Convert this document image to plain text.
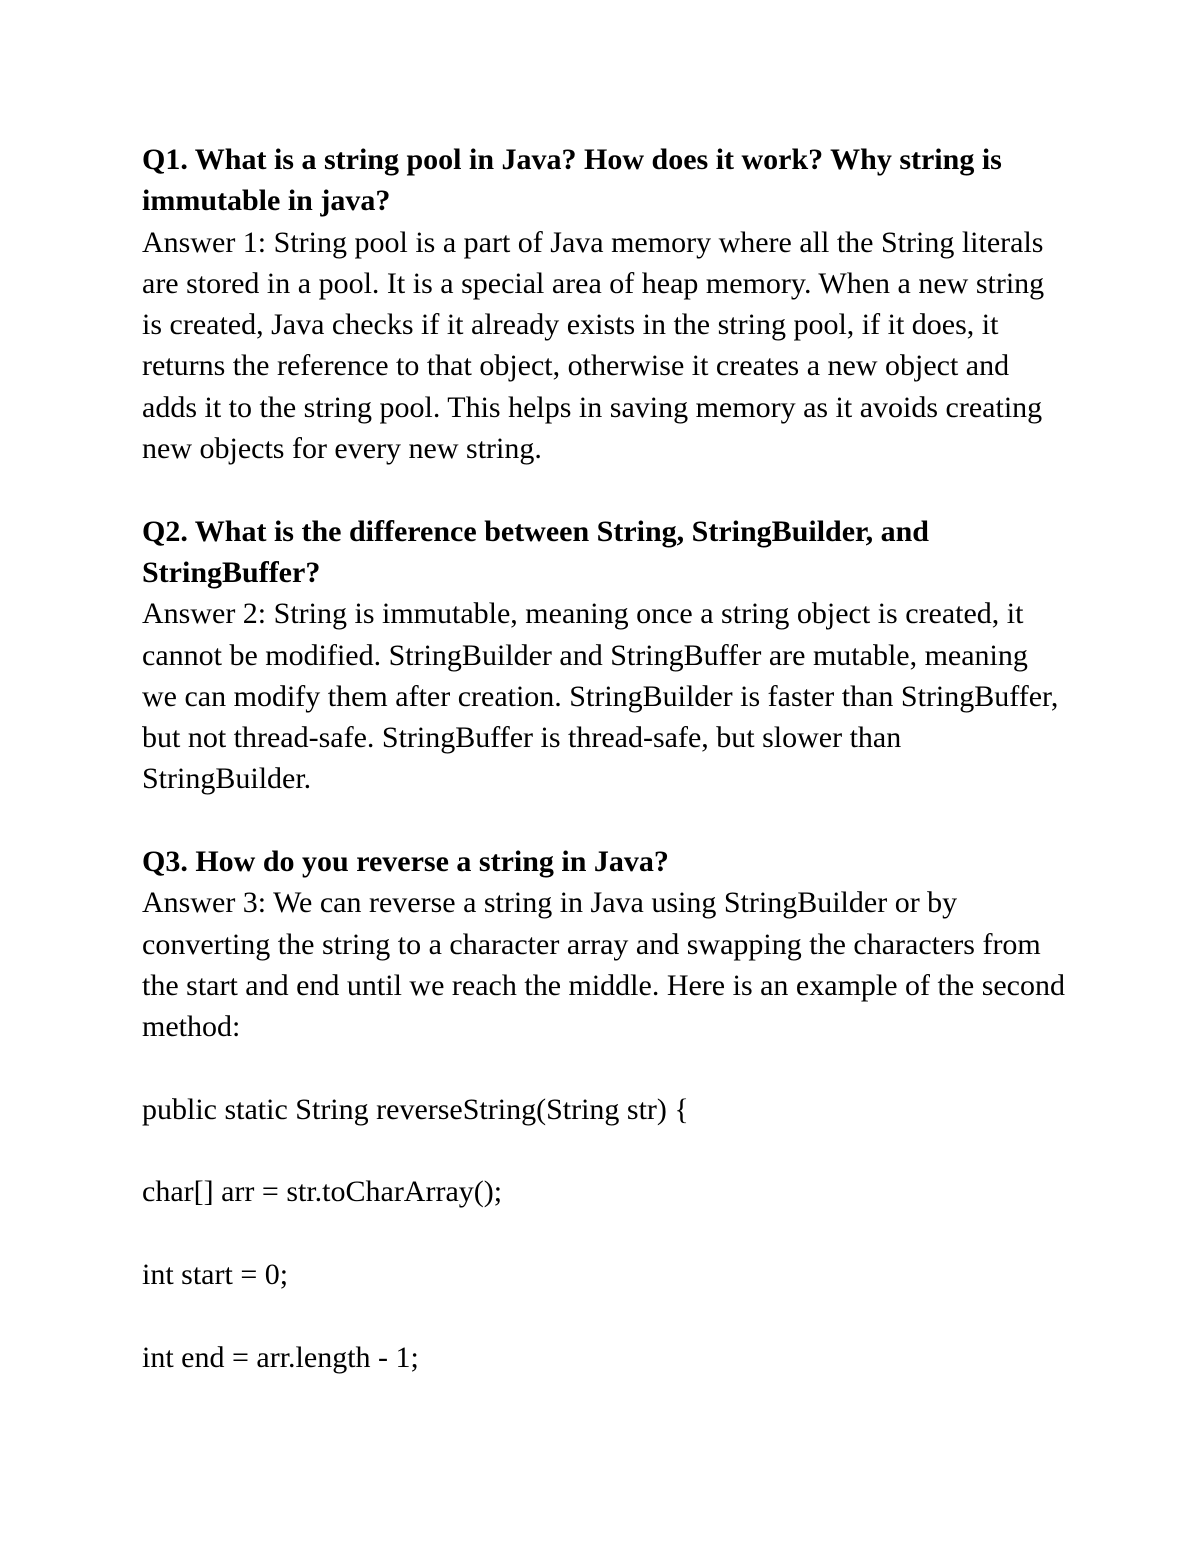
Q1. What is a string pool in Java? How does it work? Why string is immutable in java?

Answer 1: String pool is a part of Java memory where all the String literals are stored in a pool. It is a special area of heap memory. When a new string is created, Java checks if it already exists in the string pool, if it does, it returns the reference to that object, otherwise it creates a new object and adds it to the string pool. This helps in saving memory as it avoids creating new objects for every new string.

Q2. What is the difference between String, StringBuilder, and StringBuffer?

Answer 2: String is immutable, meaning once a string object is created, it cannot be modified. StringBuilder and StringBuffer are mutable, meaning we can modify them after creation. StringBuilder is faster than StringBuffer, but not thread-safe. StringBuffer is thread-safe, but slower than StringBuilder.

Q3. How do you reverse a string in Java?

Answer 3: We can reverse a string in Java using StringBuilder or by converting the string to a character array and swapping the characters from the start and end until we reach the middle. Here is an example of the second method:

public static String reverseString(String str) {

char[] arr = str.toCharArray();

int start = 0;

int end = arr.length - 1;
